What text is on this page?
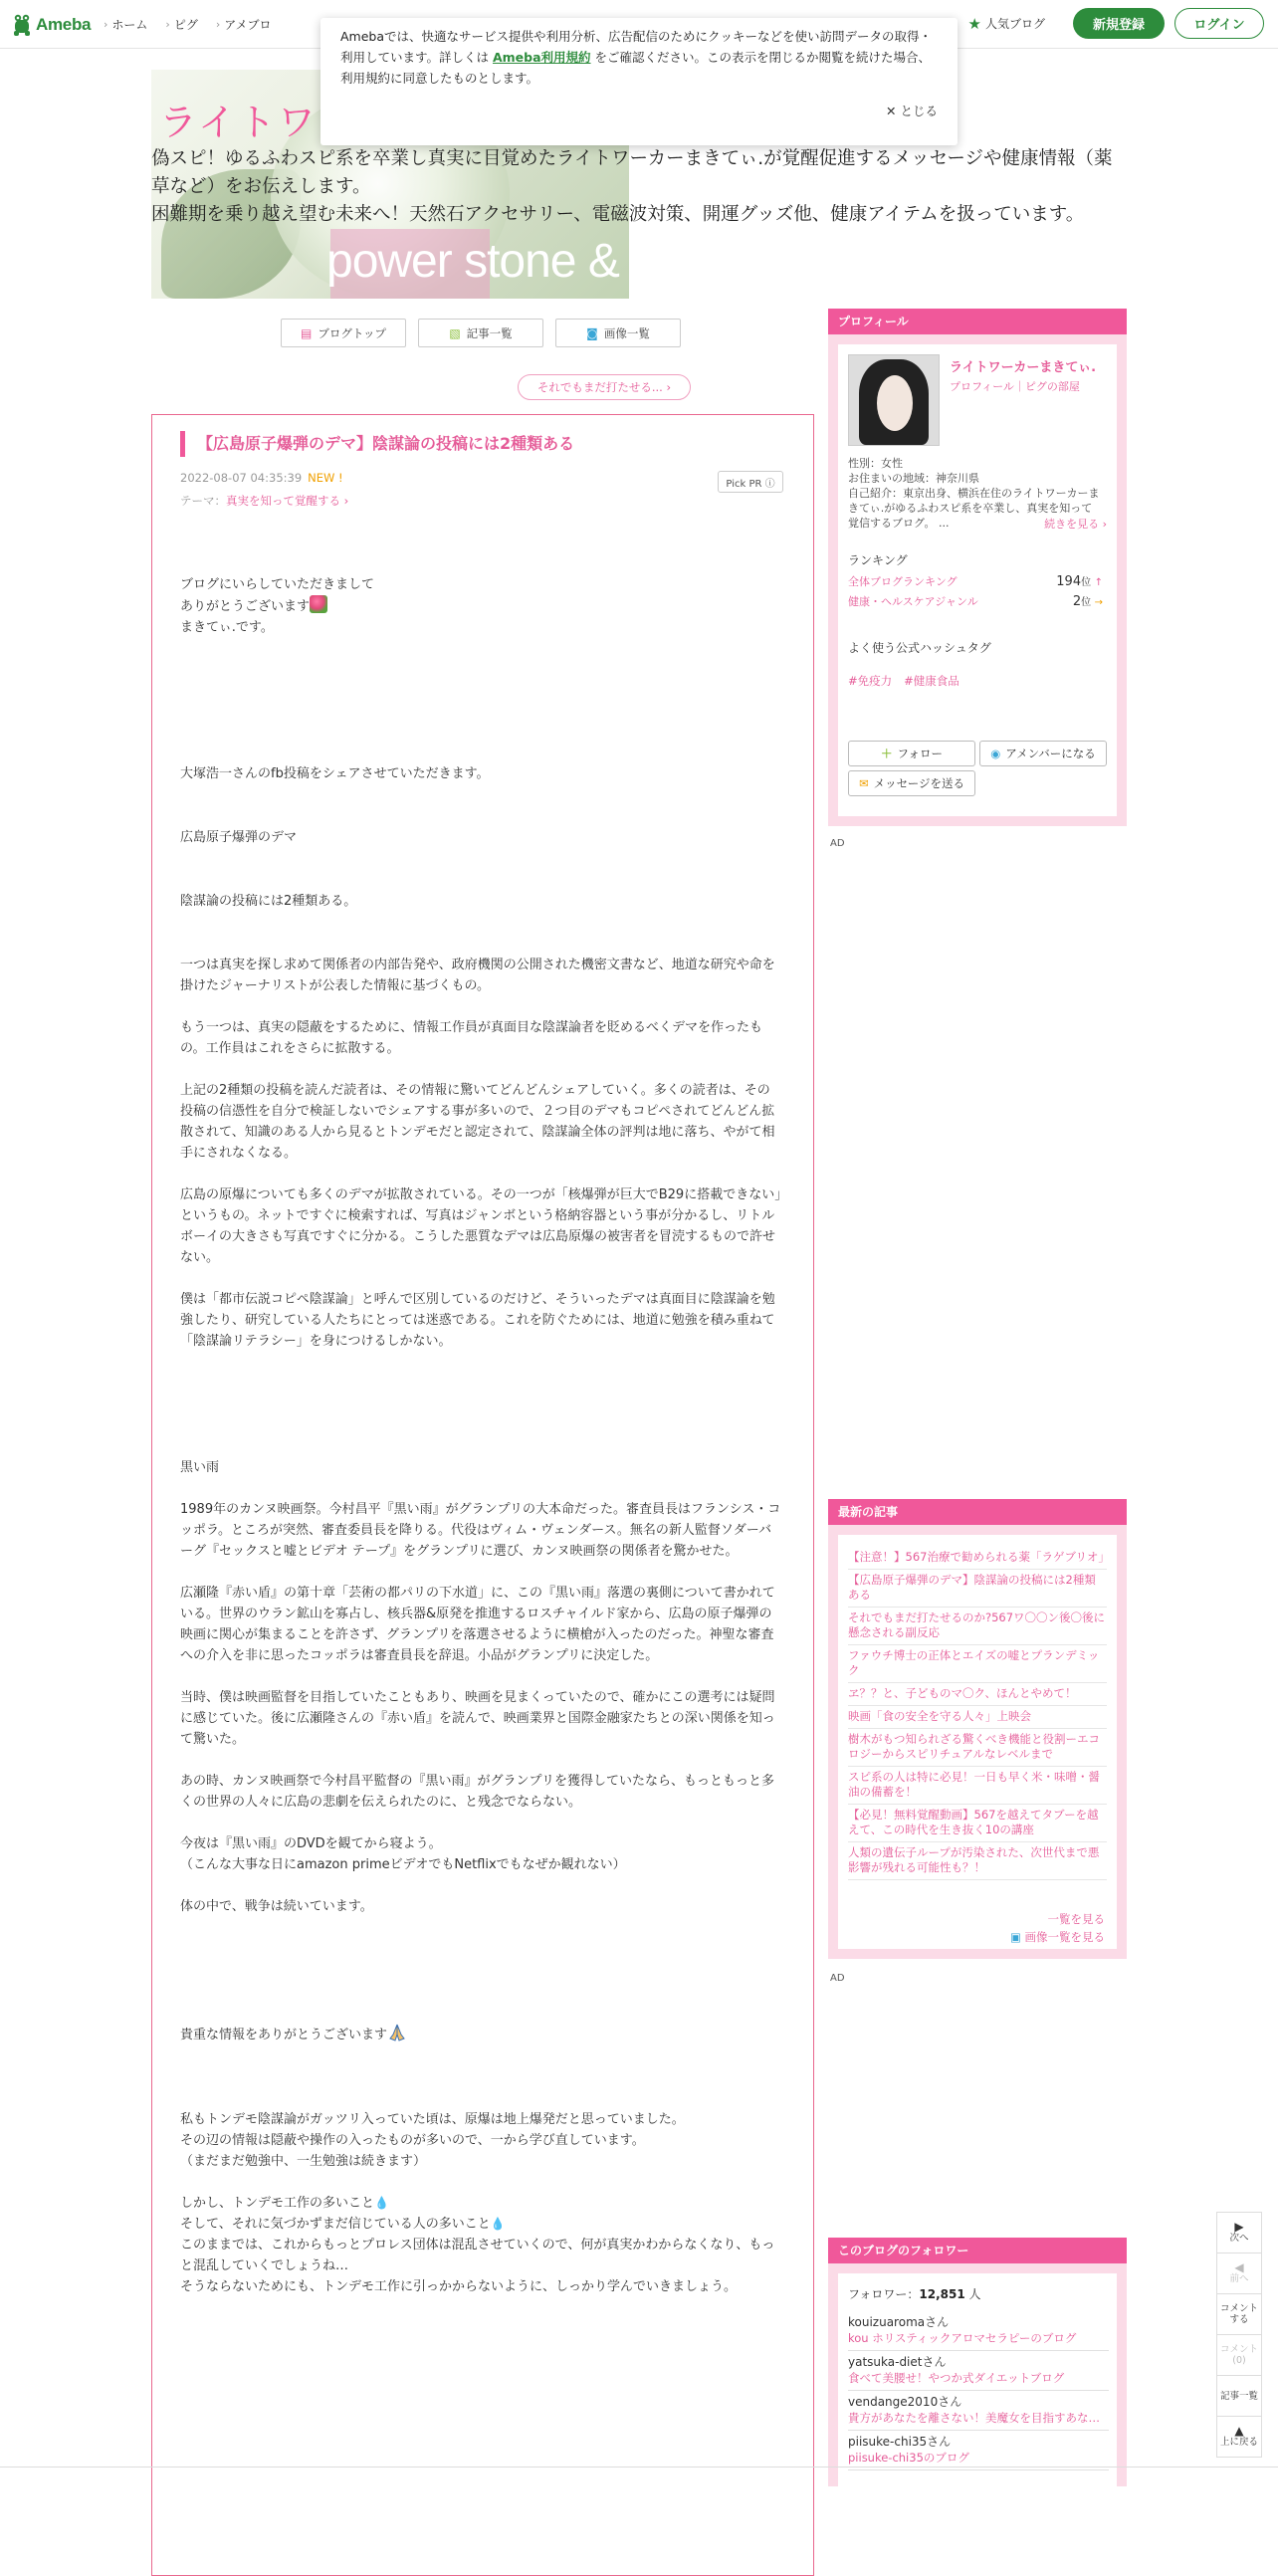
Ameba › ホーム › ピグ › アメブロ	★ 人気ブログ	新規登録	ログイン
Amebaでは、快適なサービス提供や利用分析、広告配信のためにクッキーなどを使い訪問データの取得・利用しています。詳しくは Ameba利用規約 をご確認ください。この表示を閉じるか閲覧を続けた場合、利用規約に同意したものとします。
✕ とじる
ライトワ
power stone &
偽スピ！ゆるふわスピ系を卒業し真実に目覚めたライトワーカーまきてぃ.が覚醒促進するメッセージや健康情報（薬草など）をお伝えします。
困難期を乗り越え望む未来へ！天然石アクセサリー、電磁波対策、開運グッズ他、健康アイテムを扱っています。
▤ ブログトップ	▧ 記事一覧	◙ 画像一覧
それでもまだ打たせる...
›
【広島原子爆弾のデマ】陰謀論の投稿には2種類ある
2022-08-07 04:35:39 NEW !
テーマ：真実を知って覚醒する ›
Pick PR ⓘ

ブログにいらしていただきまして

ありがとうございます

まきてぃ.です。

大塚浩一さんのfb投稿をシェアさせていただきます。

広島原子爆弾のデマ

陰謀論の投稿には2種類ある。

一つは真実を探し求めて関係者の内部告発や、政府機関の公開された機密文書など、地道な研究や命を掛けたジャーナリストが公表した情報に基づくもの。

もう一つは、真実の隠蔽をするために、情報工作員が真面目な陰謀論者を貶めるべくデマを作ったもの。工作員はこれをさらに拡散する。

上記の2種類の投稿を読んだ読者は、その情報に驚いてどんどんシェアしていく。多くの読者は、その投稿の信憑性を自分で検証しないでシェアする事が多いので、２つ目のデマもコピペされてどんどん拡散されて、知識のある人から見るとトンデモだと認定されて、陰謀論全体の評判は地に落ち、やがて相手にされなくなる。

広島の原爆についても多くのデマが拡散されている。その一つが「核爆弾が巨大でB29に搭載できない」というもの。ネットですぐに検索すれば、写真はジャンボという格納容器という事が分かるし、リトルボーイの大きさも写真ですぐに分かる。こうした悪質なデマは広島原爆の被害者を冒涜するもので許せない。

僕は「都市伝説コピペ陰謀論」と呼んで区別しているのだけど、そういったデマは真面目に陰謀論を勉強したり、研究している人たちにとっては迷惑である。これを防ぐためには、地道に勉強を積み重ねて「陰謀論リテラシー」を身につけるしかない。

黒い雨

1989年のカンヌ映画祭。今村昌平『黒い雨』がグランプリの大本命だった。審査員長はフランシス・コッポラ。ところが突然、審査委員長を降りる。代役はヴィム・ヴェンダース。無名の新人監督ソダーバーグ『セックスと嘘とビデオ テープ』をグランプリに選び、カンヌ映画祭の関係者を驚かせた。

広瀬隆『赤い盾』の第十章「芸術の都パリの下水道」に、この『黒い雨』落選の裏側について書かれている。世界のウラン鉱山を寡占し、核兵器&原発を推進するロスチャイルド家から、広島の原子爆弾の映画に関心が集まることを許さず、グランプリを落選させるように横槍が入ったのだった。神聖な審査への介入を非に思ったコッポラは審査員長を辞退。小品がグランプリに決定した。

当時、僕は映画監督を目指していたこともあり、映画を見まくっていたので、確かにこの選考には疑問に感じていた。後に広瀬隆さんの『赤い盾』を読んで、映画業界と国際金融家たちとの深い関係を知って驚いた。

あの時、カンヌ映画祭で今村昌平監督の『黒い雨』がグランプリを獲得していたなら、もっともっと多くの世界の人々に広島の悲劇を伝えられたのに、と残念でならない。

今夜は『黒い雨』のDVDを観てから寝よう。

（こんな大事な日にamazon primeビデオでもNetflixでもなぜか観れない）

体の中で、戦争は続いています。

貴重な情報をありがとうございます

私もトンデモ陰謀論がガッツリ入っていた頃は、原爆は地上爆発だと思っていました。

その辺の情報は隠蔽や操作の入ったものが多いので、一から学び直しています。

（まだまだ勉強中、一生勉強は続きます）

しかし、トンデモ工作の多いこと💧

そして、それに気づかずまだ信じている人の多いこと💧

このままでは、これからもっとプロレス団体は混乱させていくので、何が真実かわからなくなり、もっと混乱していくでしょうね…

そうならないためにも、トンデモ工作に引っかからないように、しっかり学んでいきましょう。

プロフィール
ライトワーカーまきてぃ.
プロフィール｜ピグの部屋
性別：女性
お住まいの地域：神奈川県
自己紹介：東京出身、横浜在住のライトワーカーまきてぃ.がゆるふわスピ系を卒業し、真実を知って覚信するブログ。 ...	続きを見る ›
ランキング
全体ブログランキング	194位 ↑
健康・ヘルスケアジャンル	2位 →
よく使う公式ハッシュタグ
#免疫力 #健康食品
＋ フォロー	◉ アメンバーになる
✉ メッセージを送る
AD
最新の記事
【注意！】567治療で勧められる薬「ラゲブリオ」
【広島原子爆弾のデマ】陰謀論の投稿には2種類ある
それでもまだ打たせるのか?567ワ〇〇ン後〇後に懸念される副反応
ファウチ博士の正体とエイズの嘘とプランデミック
ヱ？？と、子どものマ〇ク、ほんとやめて！
映画「食の安全を守る人々」上映会
樹木がもつ知られざる驚くべき機能と役割ーエコロジーからスピリチュアルなレベルまで
スピ系の人は特に必見！一日も早く米・味噌・醤油の備蓄を！
【必見！無料覚醒動画】567を越えてタブーを越えて、この時代を生き抜く10の講座
人類の遺伝子ループが汚染された、次世代まで悪影響が残れる可能性も？！
一覧を見る
▣ 画像一覧を見る
AD
このブログのフォロワー
フォロワー：12,851 人
kouizuaromaさん
kou ホリスティックアロマセラピーのブログ
yatsuka-dietさん
食べて美腰せ！やつか式ダイエットブログ
vendange2010さん
貴方があなたを離さない！美魔女を目指すあな…
piisuke-chi35さん
piisuke-chi35のブログ
▶
次へ
◀
前へ
コメントする
コメント(0)
記事一覧
▲
上に戻る
